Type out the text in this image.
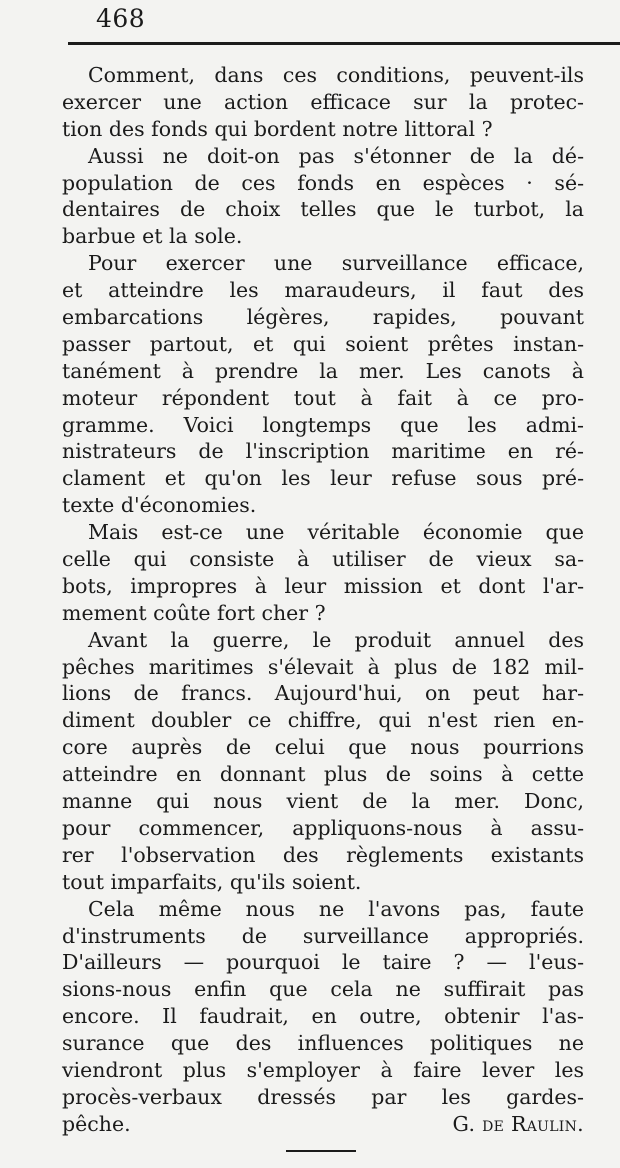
468
Comment, dans ces conditions, peuvent-ils
exercer une action efficace sur la protec-
tion des fonds qui bordent notre littoral ?
Aussi ne doit-on pas s'étonner de la dé-
population de ces fonds en espèces · sé-
dentaires de choix telles que le turbot, la
barbue et la sole.
Pour exercer une surveillance efficace,
et atteindre les maraudeurs, il faut des
embarcations légères, rapides, pouvant
passer partout, et qui soient prêtes instan-
tanément à prendre la mer. Les canots à
moteur répondent tout à fait à ce pro-
gramme. Voici longtemps que les admi-
nistrateurs de l'inscription maritime en ré-
clament et qu'on les leur refuse sous pré-
texte d'économies.
Mais est-ce une véritable économie que
celle qui consiste à utiliser de vieux sa-
bots, impropres à leur mission et dont l'ar-
mement coûte fort cher ?
Avant la guerre, le produit annuel des
pêches maritimes s'élevait à plus de 182 mil-
lions de francs. Aujourd'hui, on peut har-
diment doubler ce chiffre, qui n'est rien en-
core auprès de celui que nous pourrions
atteindre en donnant plus de soins à cette
manne qui nous vient de la mer. Donc,
pour commencer, appliquons-nous à assu-
rer l'observation des règlements existants
tout imparfaits, qu'ils soient.
Cela même nous ne l'avons pas, faute
d'instruments de surveillance appropriés.
D'ailleurs — pourquoi le taire ? — l'eus-
sions-nous enfin que cela ne suffirait pas
encore. Il faudrait, en outre, obtenir l'as-
surance que des influences politiques ne
viendront plus s'employer à faire lever les
procès-verbaux dressés par les gardes-
pêche.	G. de Raulin.
